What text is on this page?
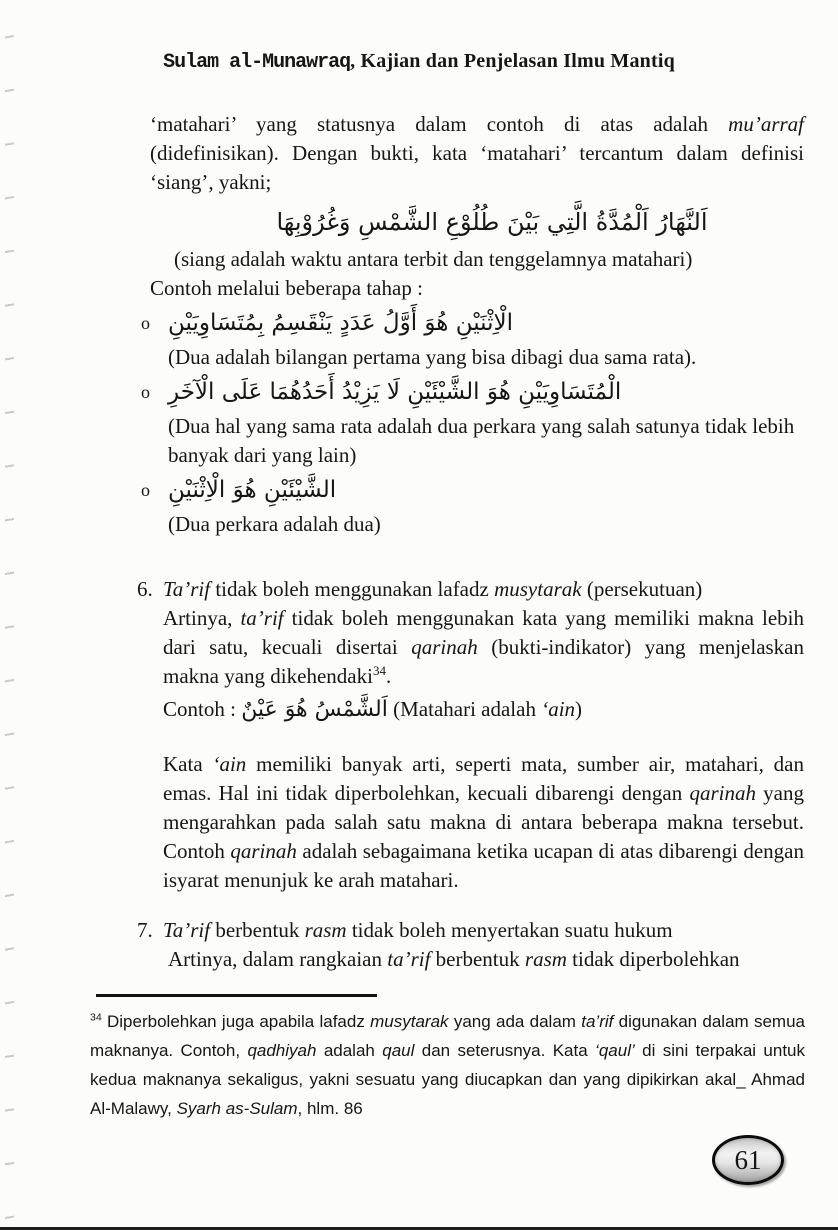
Sulam al-Munawraq, Kajian dan Penjelasan Ilmu Mantiq

‘matahari’ yang statusnya dalam contoh di atas adalah mu’arraf (didefinisikan). Dengan bukti, kata ‘matahari’ tercantum dalam definisi ‘siang’, yakni;

اَلنَّهَارُ اَلْمُدَّةُ الَّتِي بَيْنَ طُلُوْعِ الشَّمْسِ وَغُرُوْبِهَا

(siang adalah waktu antara terbit dan tenggelamnya matahari)

Contoh melalui beberapa tahap :

o الْاِثْنَيْنِ هُوَ أَوَّلُ عَدَدٍ يَنْقَسِمُ بِمُتَسَاوِيَيْنِ
(Dua adalah bilangan pertama yang bisa dibagi dua sama rata).
o الْمُتَسَاوِيَيْنِ هُوَ الشَّيْئَيْنِ لَا يَزِيْدُ أَحَدُهُمَا عَلَى الْآخَرِ
(Dua hal yang sama rata adalah dua perkara yang salah satunya tidak lebih banyak dari yang lain)
o الشَّيْئَيْنِ هُوَ الْاِثْنَيْنِ
(Dua perkara adalah dua)
6. Ta’rif tidak boleh menggunakan lafadz musytarak (persekutuan)
Artinya, ta’rif tidak boleh menggunakan kata yang memiliki makna lebih dari satu, kecuali disertai qarinah (bukti-indikator) yang menjelaskan makna yang dikehendaki$^{34}$.
Contoh : اَلشَّمْسُ هُوَ عَيْنٌ (Matahari adalah ‘ain)

Kata ‘ain memiliki banyak arti, seperti mata, sumber air, matahari, dan emas. Hal ini tidak diperbolehkan, kecuali dibarengi dengan qarinah yang mengarahkan pada salah satu makna di antara beberapa makna tersebut. Contoh qarinah adalah sebagaimana ketika ucapan di atas dibarengi dengan isyarat menunjuk ke arah matahari.

7. Ta’rif berbentuk rasm tidak boleh menyertakan suatu hukum
Artinya, dalam rangkaian ta’rif berbentuk rasm tidak diperbolehkan
$^{34}$ Diperbolehkan juga apabila lafadz musytarak yang ada dalam ta’rif digunakan dalam semua maknanya. Contoh, qadhiyah adalah qaul dan seterusnya. Kata ‘qaul’ di sini terpakai untuk kedua maknanya sekaligus, yakni sesuatu yang diucapkan dan yang dipikirkan akal_ Ahmad Al-Malawy, Syarh as-Sulam, hlm. 86
61
